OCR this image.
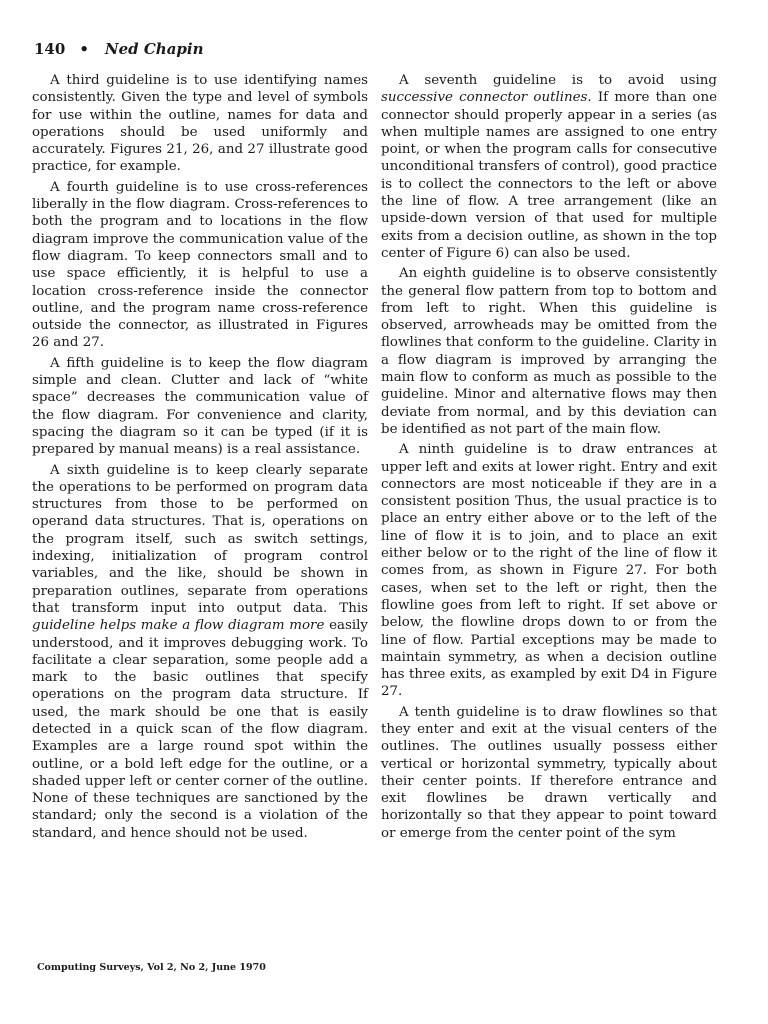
140 • Ned Chapin

A third guideline is to use identifying names consistently. Given the type and level of symbols for use within the outline, names for data and operations should be used uniformly and accurately. Figures 21, 26, and 27 illustrate good practice, for example.

A fourth guideline is to use cross-references liberally in the flow diagram. Cross-references to both the program and to locations in the flow diagram improve the communication value of the flow diagram. To keep connectors small and to use space efficiently, it is helpful to use a location cross-reference inside the connector outline, and the program name cross-reference outside the connector, as illustrated in Figures 26 and 27.

A fifth guideline is to keep the flow diagram simple and clean. Clutter and lack of “white space” decreases the communication value of the flow diagram. For convenience and clarity, spacing the diagram so it can be typed (if it is prepared by manual means) is a real assistance.

A sixth guideline is to keep clearly separate the operations to be performed on program data structures from those to be performed on operand data structures. That is, operations on the program itself, such as switch settings, indexing, initialization of program control variables, and the like, should be shown in preparation outlines, separate from operations that transform input into output data. This guideline helps make a flow diagram more easily understood, and it improves debugging work. To facilitate a clear separation, some people add a mark to the basic outlines that specify operations on the program data structure. If used, the mark should be one that is easily detected in a quick scan of the flow diagram. Examples are a large round spot within the outline, or a bold left edge for the outline, or a shaded upper left or center corner of the outline. None of these techniques are sanctioned by the standard; only the second is a violation of the standard, and hence should not be used.

A seventh guideline is to avoid using successive connector outlines. If more than one connector should properly appear in a series (as when multiple names are assigned to one entry point, or when the program calls for consecutive unconditional transfers of control), good practice is to collect the connectors to the left or above the line of flow. A tree arrangement (like an upside-down version of that used for multiple exits from a decision outline, as shown in the top center of Figure 6) can also be used.

An eighth guideline is to observe consistently the general flow pattern from top to bottom and from left to right. When this guideline is observed, arrowheads may be omitted from the flowlines that conform to the guideline. Clarity in a flow diagram is improved by arranging the main flow to conform as much as possible to the guideline. Minor and alternative flows may then deviate from normal, and by this deviation can be identified as not part of the main flow.

A ninth guideline is to draw entrances at upper left and exits at lower right. Entry and exit connectors are most noticeable if they are in a consistent position Thus, the usual practice is to place an entry either above or to the left of the line of flow it is to join, and to place an exit either below or to the right of the line of flow it comes from, as shown in Figure 27. For both cases, when set to the left or right, then the flowline goes from left to right. If set above or below, the flowline drops down to or from the line of flow. Partial exceptions may be made to maintain symmetry, as when a decision outline has three exits, as exampled by exit D4 in Figure 27.

A tenth guideline is to draw flowlines so that they enter and exit at the visual centers of the outlines. The outlines usually possess either vertical or horizontal symmetry, typically about their center points. If therefore entrance and exit flowlines be drawn vertically and horizontally so that they appear to point toward or emerge from the center point of the sym

Computing Surveys, Vol 2, No 2, June 1970
